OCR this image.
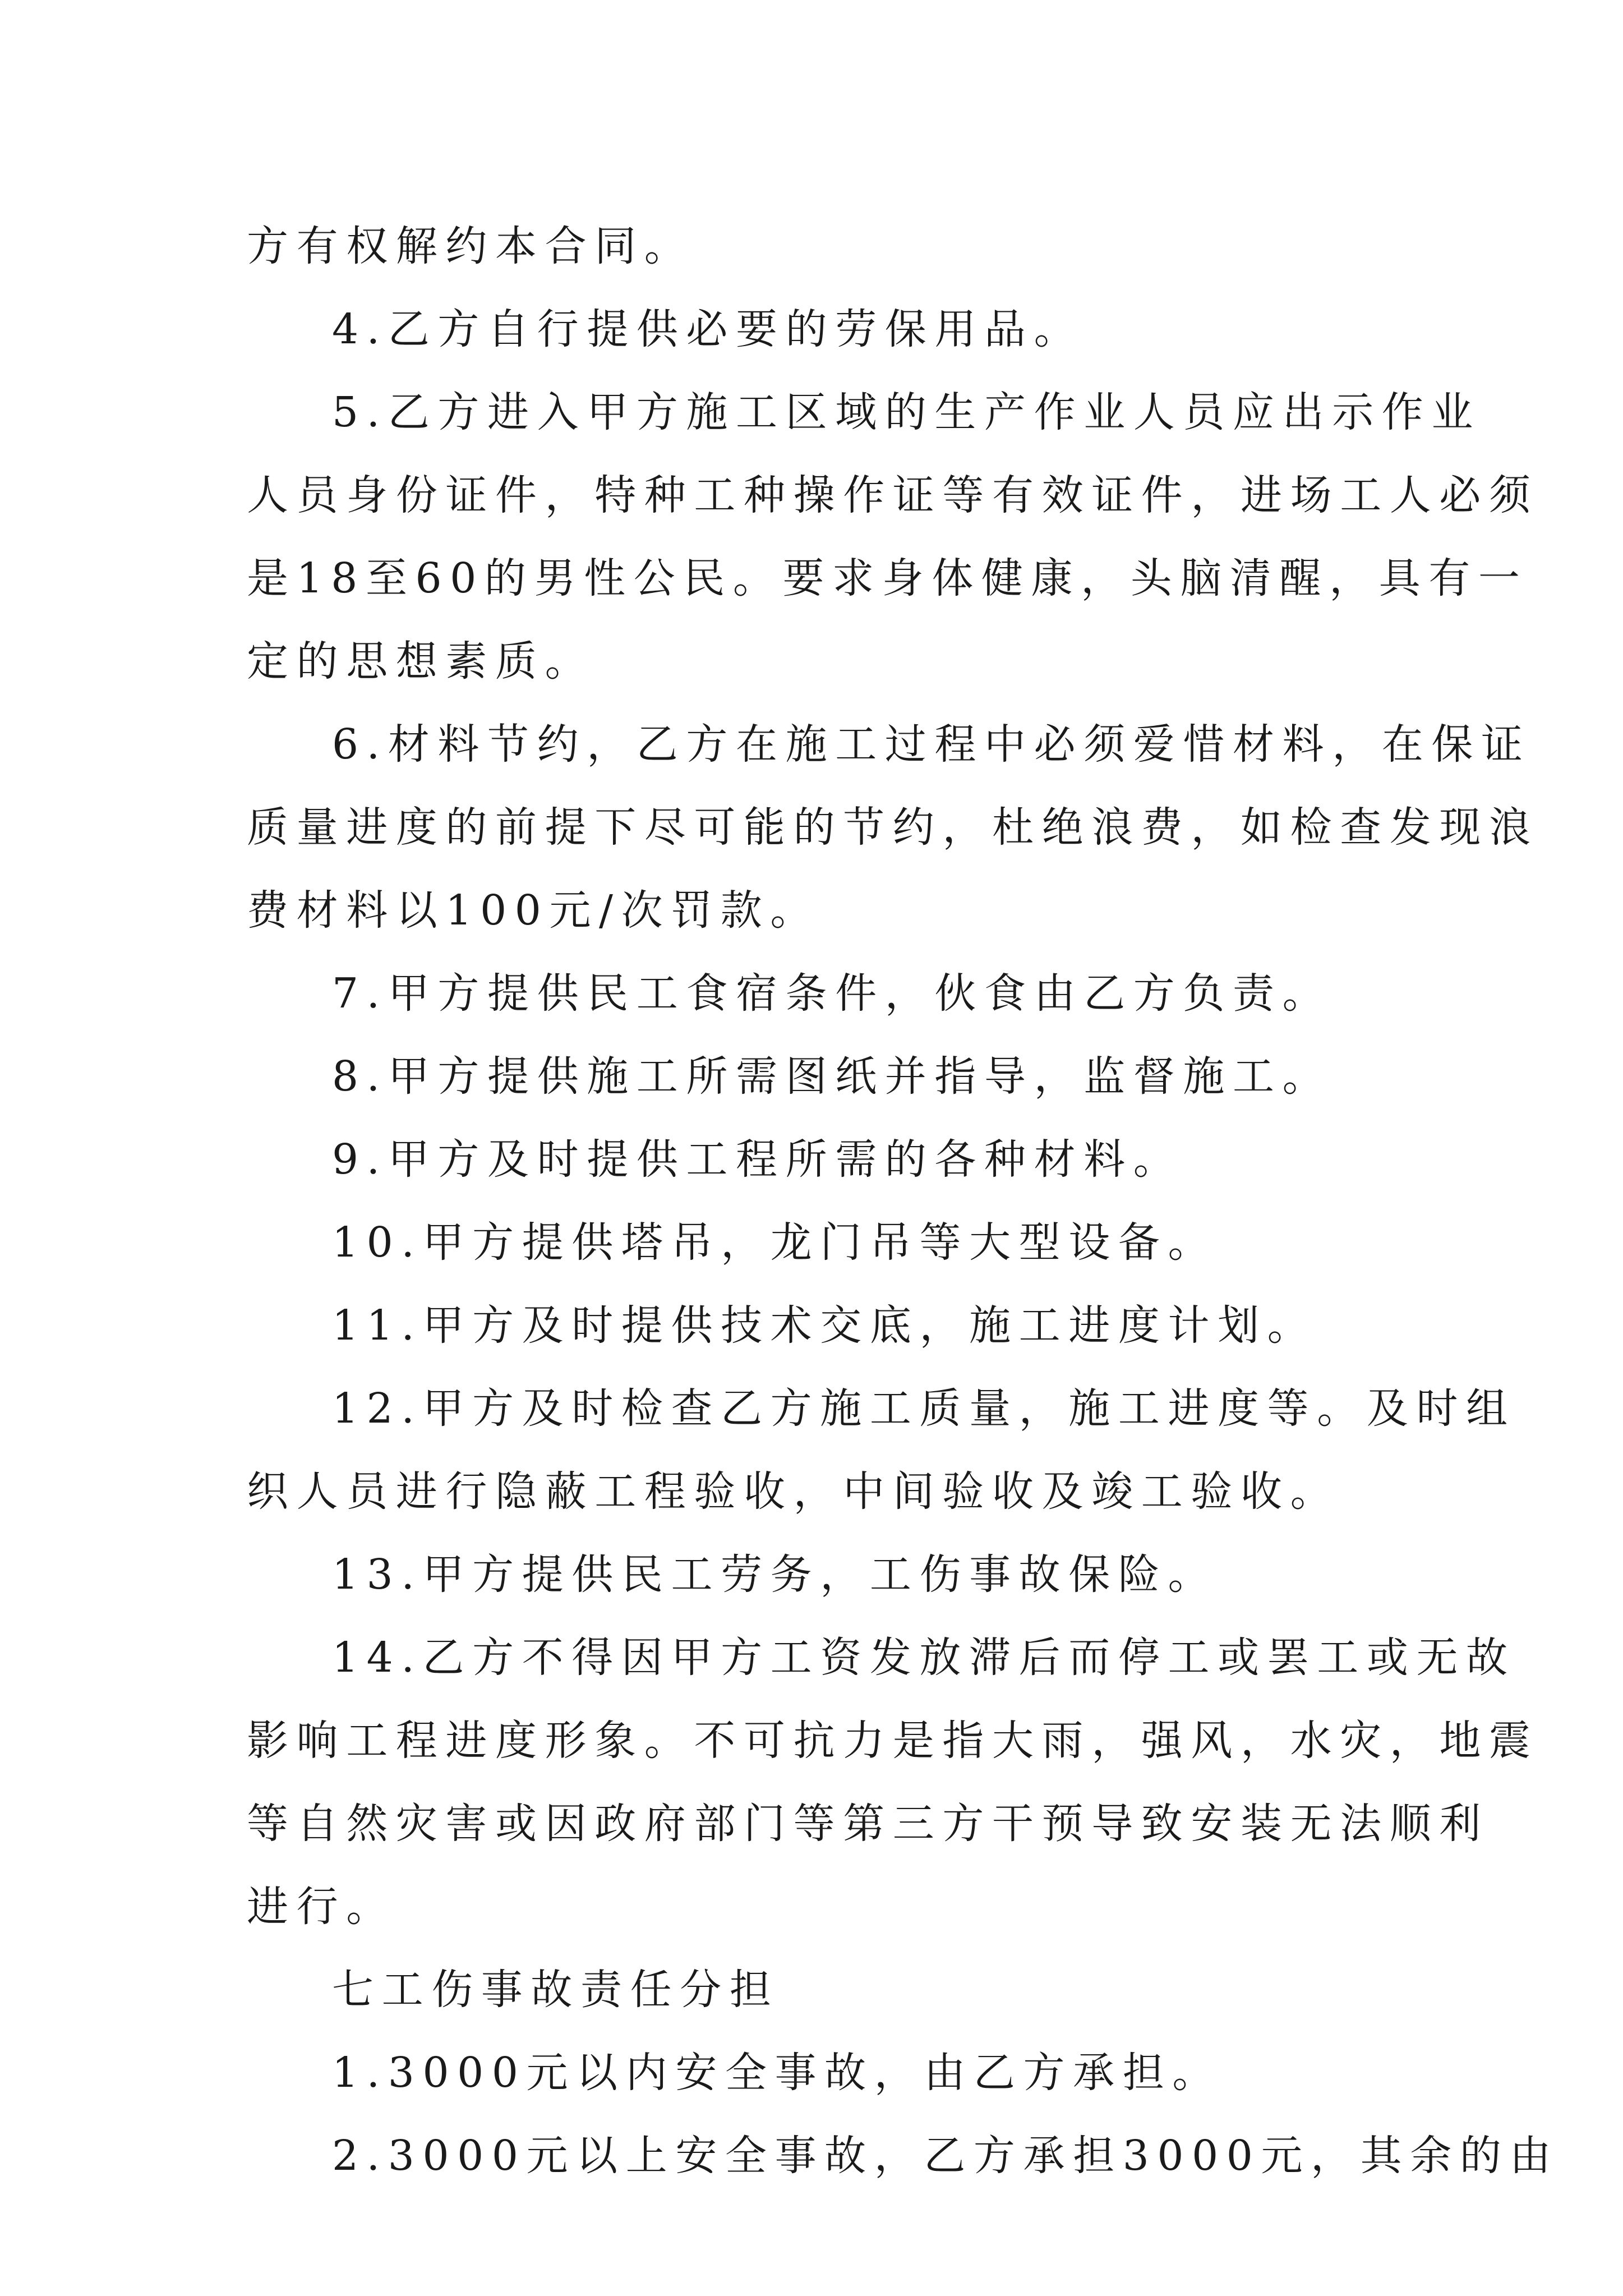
方有权解约本合同。
4.乙方自行提供必要的劳保用品。
5.乙方进入甲方施工区域的生产作业人员应出示作业
人员身份证件，特种工种操作证等有效证件，进场工人必须
是18至60的男性公民。要求身体健康，头脑清醒，具有一
定的思想素质。
6.材料节约，乙方在施工过程中必须爱惜材料，在保证
质量进度的前提下尽可能的节约，杜绝浪费，如检查发现浪
费材料以100元/次罚款。
7.甲方提供民工食宿条件，伙食由乙方负责。
8.甲方提供施工所需图纸并指导，监督施工。
9.甲方及时提供工程所需的各种材料。
10.甲方提供塔吊，龙门吊等大型设备。
11.甲方及时提供技术交底，施工进度计划。
12.甲方及时检查乙方施工质量，施工进度等。及时组
织人员进行隐蔽工程验收，中间验收及竣工验收。
13.甲方提供民工劳务，工伤事故保险。
14.乙方不得因甲方工资发放滞后而停工或罢工或无故
影响工程进度形象。不可抗力是指大雨，强风，水灾，地震
等自然灾害或因政府部门等第三方干预导致安装无法顺利
进行。
七工伤事故责任分担
1.3000元以内安全事故，由乙方承担。
2.3000元以上安全事故，乙方承担3000元，其余的由
